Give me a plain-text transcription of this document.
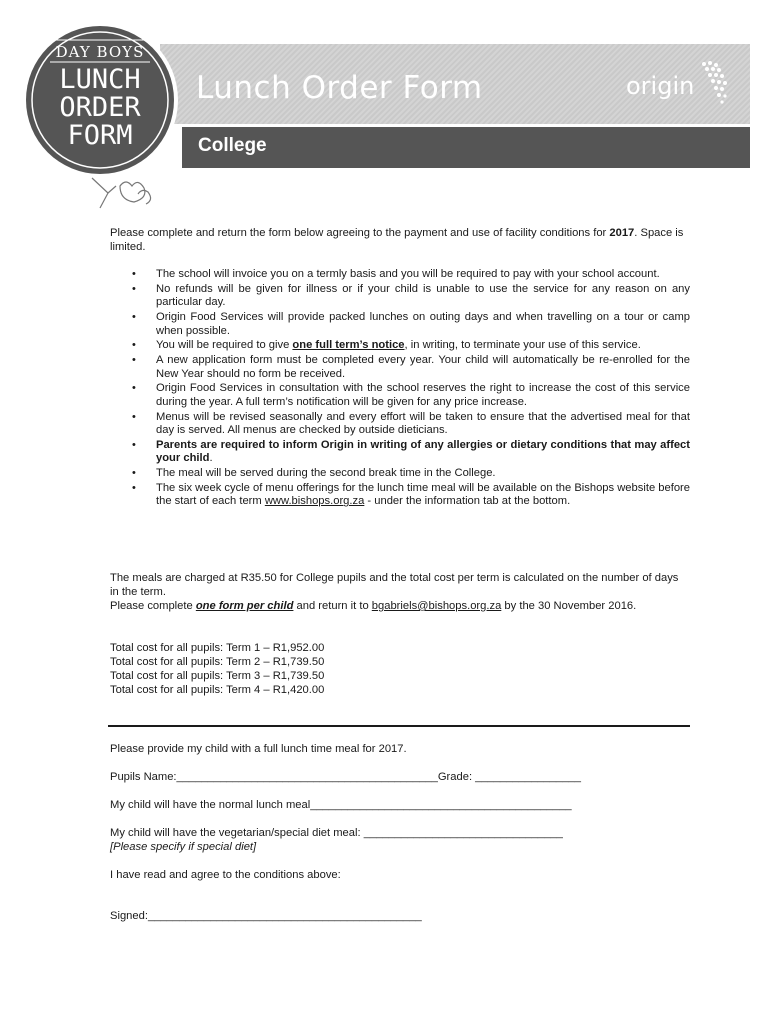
Lunch Order Form
College
origin
DAY BOYS
LUNCH
ORDER
FORM
Please complete and return the form below agreeing to the payment and use of facility conditions for 2017. Space is limited.
• The school will invoice you on a termly basis and you will be required to pay with your school account.
• No refunds will be given for illness or if your child is unable to use the service for any reason on any particular day.
• Origin Food Services will provide packed lunches on outing days and when travelling on a tour or camp when possible.
• You will be required to give one full term’s notice, in writing, to terminate your use of this service.
• A new application form must be completed every year. Your child will automatically be re-enrolled for the New Year should no form be received.
• Origin Food Services in consultation with the school reserves the right to increase the cost of this service during the year. A full term’s notification will be given for any price increase.
• Menus will be revised seasonally and every effort will be taken to ensure that the advertised meal for that day is served. All menus are checked by outside dieticians.
• Parents are required to inform Origin in writing of any allergies or dietary conditions that may affect your child.
• The meal will be served during the second break time in the College.
• The six week cycle of menu offerings for the lunch time meal will be available on the Bishops website before the start of each term www.bishops.org.za - under the information tab at the bottom.
The meals are charged at R35.50 for College pupils and the total cost per term is calculated on the number of days in the term.
Please complete one form per child and return it to bgabriels@bishops.org.za by the 30 November 2016.
Total cost for all pupils: Term 1 – R1,952.00
Total cost for all pupils: Term 2 – R1,739.50
Total cost for all pupils: Term 3 – R1,739.50
Total cost for all pupils: Term 4 – R1,420.00
Please provide my child with a full lunch time meal for 2017.
Pupils Name:__________________________________________Grade: _________________
My child will have the normal lunch meal__________________________________________
My child will have the vegetarian/special diet meal: ________________________________
[Please specify if special diet]
I have read and agree to the conditions above:
Signed:____________________________________________
